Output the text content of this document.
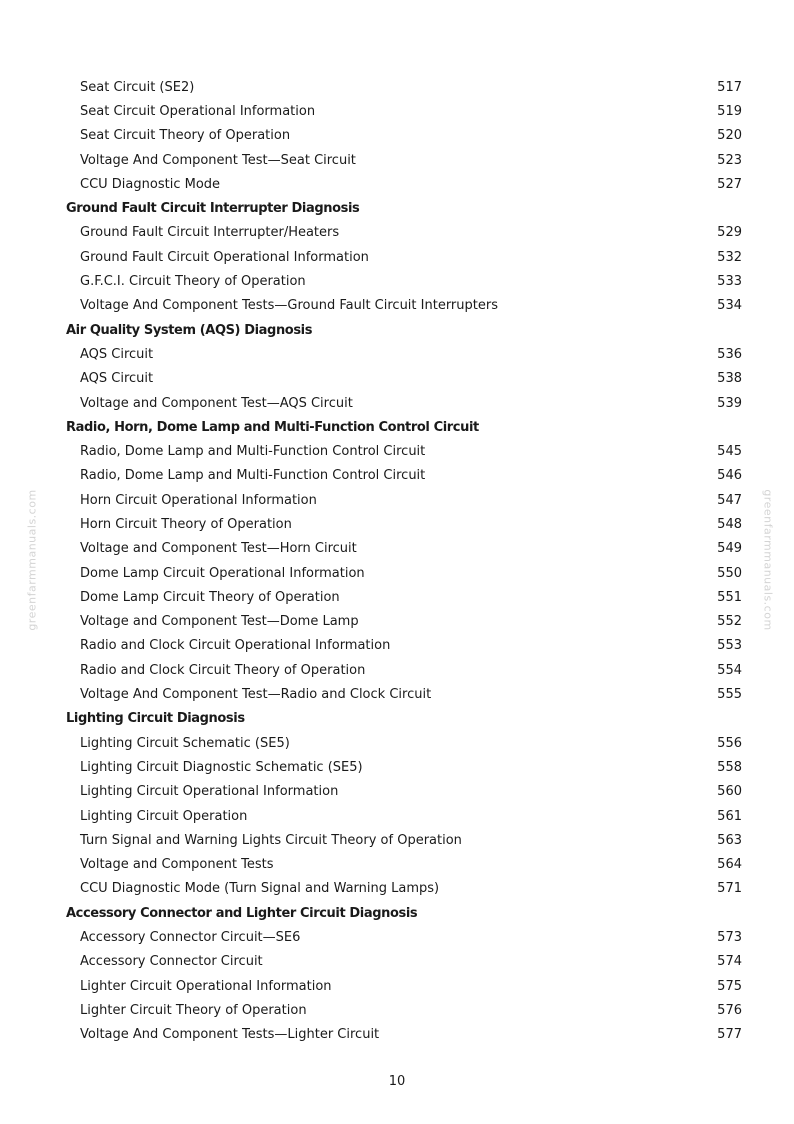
greenfarmmanuals.com	greenfarmmanuals.com
Seat Circuit (SE2)	517
Seat Circuit Operational Information	519
Seat Circuit Theory of Operation	520
Voltage And Component Test—Seat Circuit	523
CCU Diagnostic Mode	527
Ground Fault Circuit Interrupter Diagnosis
Ground Fault Circuit Interrupter/Heaters	529
Ground Fault Circuit Operational Information	532
G.F.C.I. Circuit Theory of Operation	533
Voltage And Component Tests—Ground Fault Circuit Interrupters	534
Air Quality System (AQS) Diagnosis
AQS Circuit	536
AQS Circuit	538
Voltage and Component Test—AQS Circuit	539
Radio, Horn, Dome Lamp and Multi-Function Control Circuit
Radio, Dome Lamp and Multi-Function Control Circuit	545
Radio, Dome Lamp and Multi-Function Control Circuit	546
Horn Circuit Operational Information	547
Horn Circuit Theory of Operation	548
Voltage and Component Test—Horn Circuit	549
Dome Lamp Circuit Operational Information	550
Dome Lamp Circuit Theory of Operation	551
Voltage and Component Test—Dome Lamp	552
Radio and Clock Circuit Operational Information	553
Radio and Clock Circuit Theory of Operation	554
Voltage And Component Test—Radio and Clock Circuit	555
Lighting Circuit Diagnosis
Lighting Circuit Schematic (SE5)	556
Lighting Circuit Diagnostic Schematic (SE5)	558
Lighting Circuit Operational Information	560
Lighting Circuit Operation	561
Turn Signal and Warning Lights Circuit Theory of Operation	563
Voltage and Component Tests	564
CCU Diagnostic Mode (Turn Signal and Warning Lamps)	571
Accessory Connector and Lighter Circuit Diagnosis
Accessory Connector Circuit—SE6	573
Accessory Connector Circuit	574
Lighter Circuit Operational Information	575
Lighter Circuit Theory of Operation	576
Voltage And Component Tests—Lighter Circuit	577
10
